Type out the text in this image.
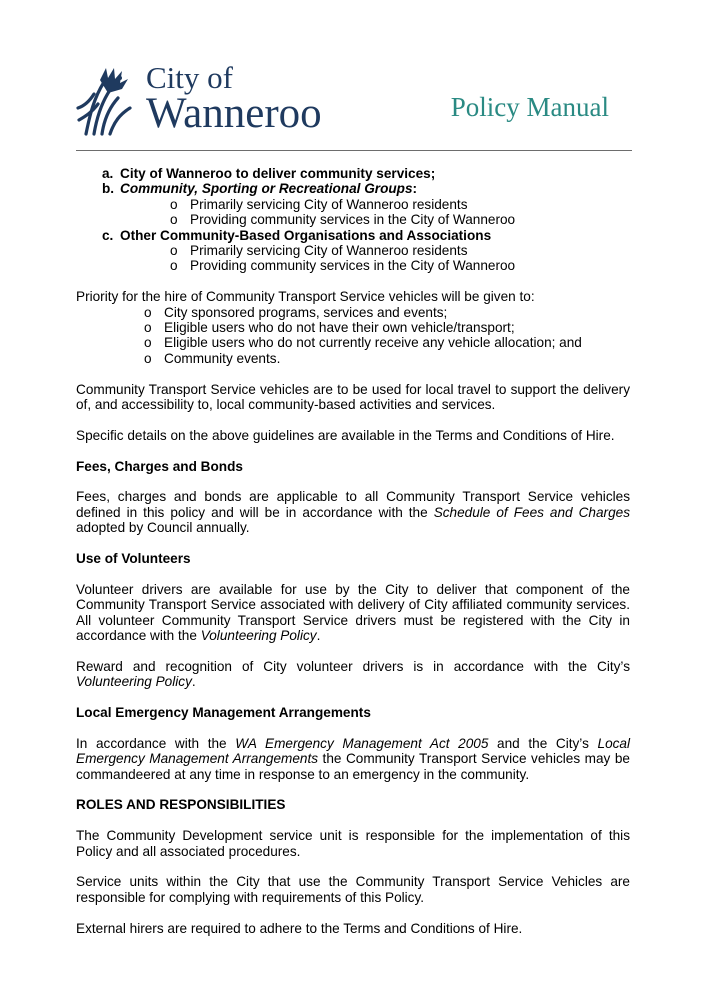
City of
Wanneroo	Policy Manual
a. City of Wanneroo to deliver community services;
b. Community, Sporting or Recreational Groups:
o Primarily servicing City of Wanneroo residents
o Providing community services in the City of Wanneroo
c. Other Community-Based Organisations and Associations
o Primarily servicing City of Wanneroo residents
o Providing community services in the City of Wanneroo

Priority for the hire of Community Transport Service vehicles will be given to:

o City sponsored programs, services and events;
o Eligible users who do not have their own vehicle/transport;
o Eligible users who do not currently receive any vehicle allocation; and
o Community events.

Community Transport Service vehicles are to be used for local travel to support the delivery of, and accessibility to, local community-based activities and services.

Specific details on the above guidelines are available in the Terms and Conditions of Hire.

Fees, Charges and Bonds

Fees, charges and bonds are applicable to all Community Transport Service vehicles defined in this policy and will be in accordance with the Schedule of Fees and Charges adopted by Council annually.

Use of Volunteers

Volunteer drivers are available for use by the City to deliver that component of the Community Transport Service associated with delivery of City affiliated community services. All volunteer Community Transport Service drivers must be registered with the City in accordance with the Volunteering Policy.

Reward and recognition of City volunteer drivers is in accordance with the City’s Volunteering Policy.

Local Emergency Management Arrangements

In accordance with the WA Emergency Management Act 2005 and the City’s Local Emergency Management Arrangements the Community Transport Service vehicles may be commandeered at any time in response to an emergency in the community.

ROLES AND RESPONSIBILITIES

The Community Development service unit is responsible for the implementation of this Policy and all associated procedures.

Service units within the City that use the Community Transport Service Vehicles are responsible for complying with requirements of this Policy.

External hirers are required to adhere to the Terms and Conditions of Hire.
